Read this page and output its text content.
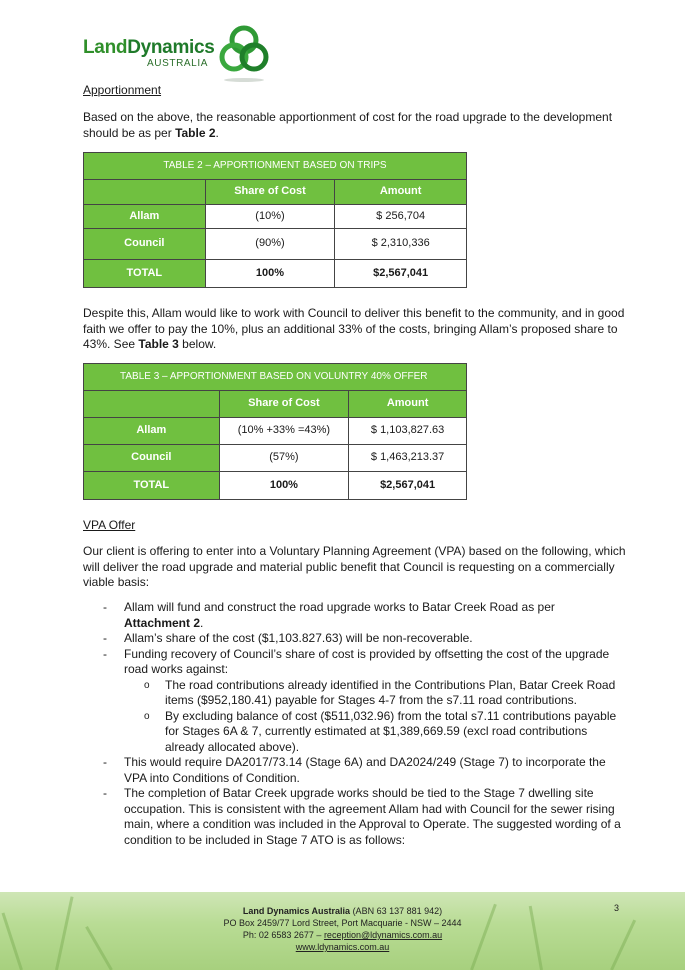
LandDynamics
AUSTRALIA

Apportionment

Based on the above, the reasonable apportionment of cost for the road upgrade to the development should be as per Table 2.

TABLE 2 – APPORTIONMENT BASED ON TRIPS		
	Share of Cost	Amount
Allam	(10%)	$ 256,704
Council	(90%)	$ 2,310,336
TOTAL	100%	$2,567,041

Despite this, Allam would like to work with Council to deliver this benefit to the community, and in good faith we offer to pay the 10%, plus an additional 33% of the costs, bringing Allam’s proposed share to 43%. See Table 3 below.

TABLE 3 – APPORTIONMENT BASED ON VOLUNTRY 40% OFFER		
	Share of Cost	Amount
Allam	(10% +33% =43%)	$ 1,103,827.63
Council	(57%)	$ 1,463,213.37
TOTAL	100%	$2,567,041

VPA Offer

Our client is offering to enter into a Voluntary Planning Agreement (VPA) based on the following, which will deliver the road upgrade and material public benefit that Council is requesting on a commercially viable basis:

- Allam will fund and construct the road upgrade works to Batar Creek Road as per Attachment 2.
- Allam’s share of the cost ($1,103.827.63) will be non-recoverable.
- Funding recovery of Council’s share of cost is provided by offsetting the cost of the upgrade road works against:
o The road contributions already identified in the Contributions Plan, Batar Creek Road items ($952,180.41) payable for Stages 4-7 from the s7.11 road contributions.
o By excluding balance of cost ($511,032.96) from the total s7.11 contributions payable for Stages 6A & 7, currently estimated at $1,389,669.59 (excl road contributions already allocated above).
- This would require DA2017/73.14 (Stage 6A) and DA2024/249 (Stage 7) to incorporate the VPA into Conditions of Condition.
- The completion of Batar Creek upgrade works should be tied to the Stage 7 dwelling site occupation. This is consistent with the agreement Allam had with Council for the sewer rising main, where a condition was included in the Approval to Operate. The suggested wording of a condition to be included in Stage 7 ATO is as follows:
Land Dynamics Australia (ABN 63 137 881 942)
PO Box 2459/77 Lord Street, Port Macquarie - NSW – 2444
Ph: 02 6583 2677 – reception@ldynamics.com.au
www.ldynamics.com.au
3
